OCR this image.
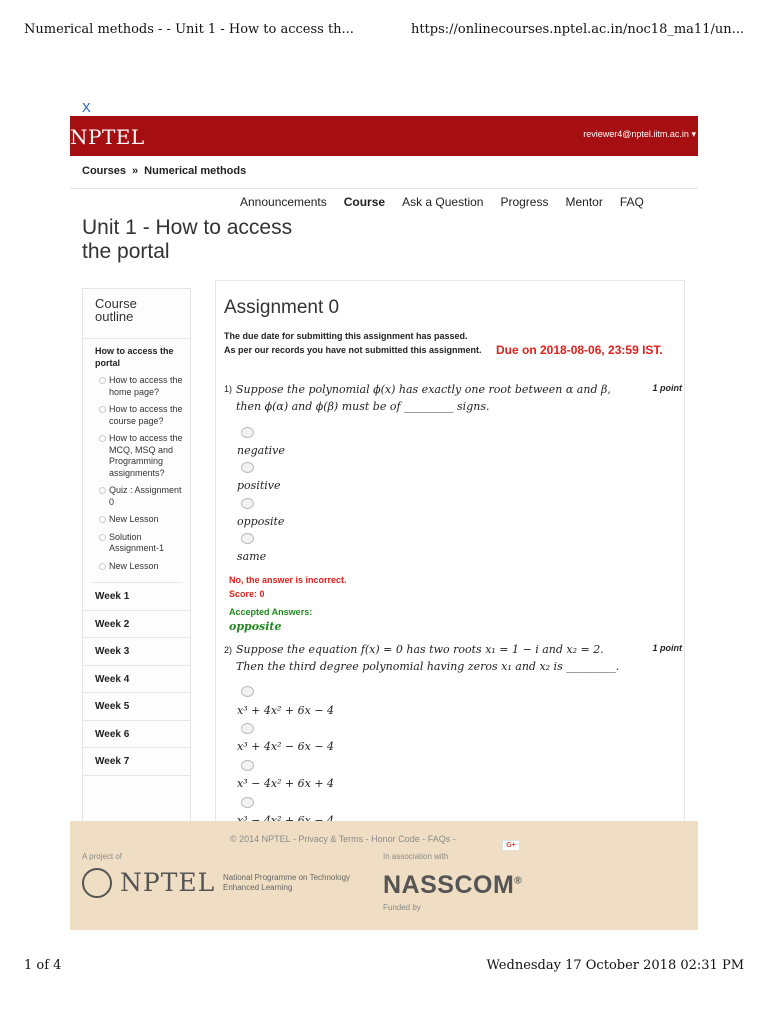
Numerical methods - - Unit 1 - How to access th...	https://onlinecourses.nptel.ac.in/noc18_ma11/un...
X
NPTEL	reviewer4@nptel.iitm.ac.in ▾
Courses » Numerical methods
Announcements Course Ask a Question Progress Mentor FAQ
Unit 1 - How to access the portal
Course outline
How to access the portal
How to access the home page?
How to access the course page?
How to access the MCQ, MSQ and Programming assignments?
Quiz : Assignment 0
New Lesson
Solution Assignment-1
New Lesson
Week 1
Week 2
Week 3
Week 4
Week 5
Week 6
Week 7
Assignment 0
The due date for submitting this assignment has passed.
As per our records you have not submitted this assignment. Due on 2018-08-06, 23:59 IST.
1) Suppose the polynomial ϕ(x) has exactly one root between α and β,
then ϕ(α) and ϕ(β) must be of _________ signs.
1 point
negative
positive
opposite
same
No, the answer is incorrect.
Score: 0
Accepted Answers:
opposite
2) Suppose the equation f(x) = 0 has two roots x₁ = 1 − i and x₂ = 2.
Then the third degree polynomial having zeros x₁ and x₂ is _________.
1 point
x³ + 4x² + 6x − 4
x³ + 4x² − 6x − 4
x³ − 4x² + 6x + 4
© 2014 NPTEL - Privacy & Terms - Honor Code - FAQs -
G+
A project of
NPTEL National Programme on Technology Enhanced Learning
In association with
NASSCOM®
Funded by
1 of 4	Wednesday 17 October 2018 02:31 PM
